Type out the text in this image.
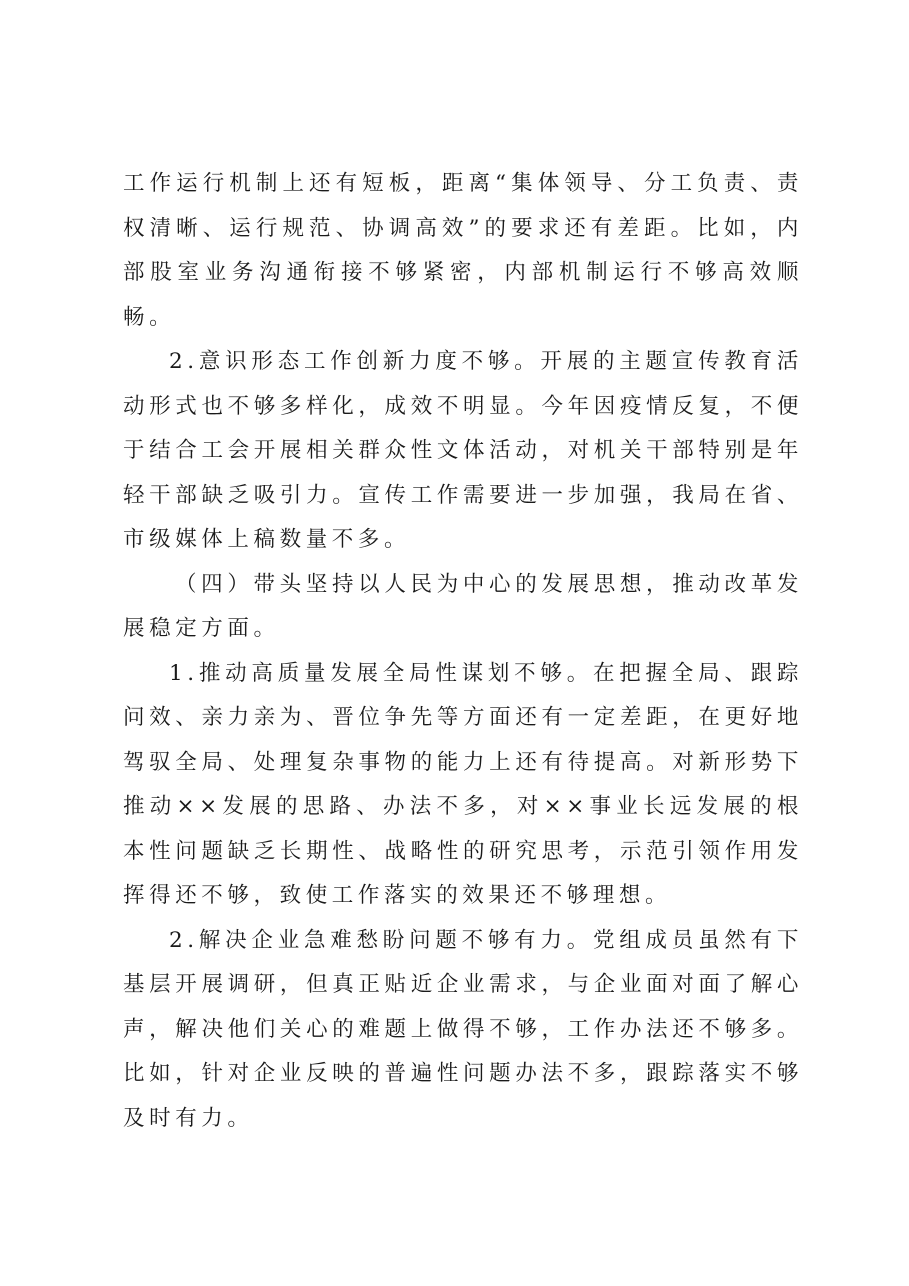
工作运行机制上还有短板，距离“集体领导、分工负责、责权清晰、运行规范、协调高效”的要求还有差距。比如，内部股室业务沟通衔接不够紧密，内部机制运行不够高效顺畅。

2.意识形态工作创新力度不够。开展的主题宣传教育活动形式也不够多样化，成效不明显。今年因疫情反复，不便于结合工会开展相关群众性文体活动，对机关干部特别是年轻干部缺乏吸引力。宣传工作需要进一步加强，我局在省、市级媒体上稿数量不多。

（四）带头坚持以人民为中心的发展思想，推动改革发展稳定方面。

1.推动高质量发展全局性谋划不够。在把握全局、跟踪问效、亲力亲为、晋位争先等方面还有一定差距，在更好地驾驭全局、处理复杂事物的能力上还有待提高。对新形势下推动××发展的思路、办法不多，对××事业长远发展的根本性问题缺乏长期性、战略性的研究思考，示范引领作用发挥得还不够，致使工作落实的效果还不够理想。

2.解决企业急难愁盼问题不够有力。党组成员虽然有下基层开展调研，但真正贴近企业需求，与企业面对面了解心声，解决他们关心的难题上做得不够，工作办法还不够多。比如，针对企业反映的普遍性问题办法不多，跟踪落实不够及时有力。
